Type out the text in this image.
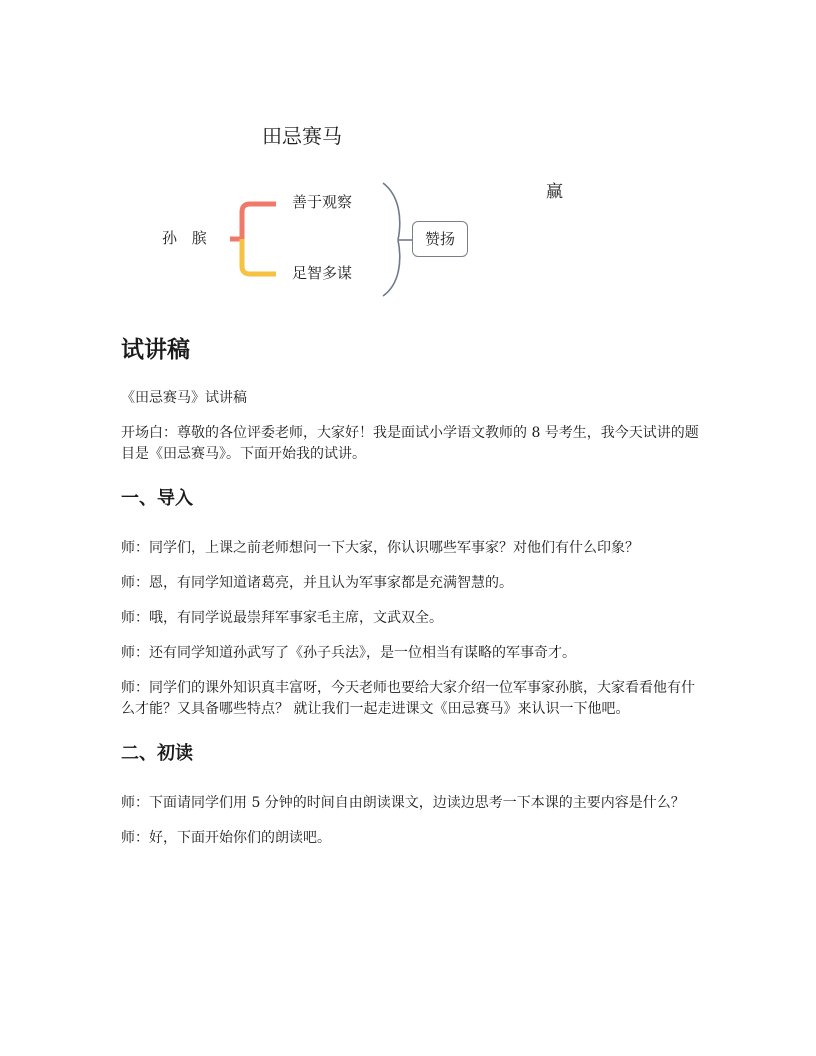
田忌赛马
孙 膑
善于观察
足智多谋
赞扬
赢
试讲稿

《田忌赛马》试讲稿

开场白：尊敬的各位评委老师，大家好！我是面试小学语文教师的 8 号考生，我今天试讲的题目是《田忌赛马》。下面开始我的试讲。

一、导入

师：同学们，上课之前老师想问一下大家，你认识哪些军事家？对他们有什么印象？

师：恩，有同学知道诸葛亮，并且认为军事家都是充满智慧的。

师：哦，有同学说最崇拜军事家毛主席，文武双全。

师：还有同学知道孙武写了《孙子兵法》，是一位相当有谋略的军事奇才。

师：同学们的课外知识真丰富呀，今天老师也要给大家介绍一位军事家孙膑，大家看看他有什么才能？又具备哪些特点？ 就让我们一起走进课文《田忌赛马》来认识一下他吧。

二、初读

师：下面请同学们用 5 分钟的时间自由朗读课文，边读边思考一下本课的主要内容是什么？

师：好，下面开始你们的朗读吧。
